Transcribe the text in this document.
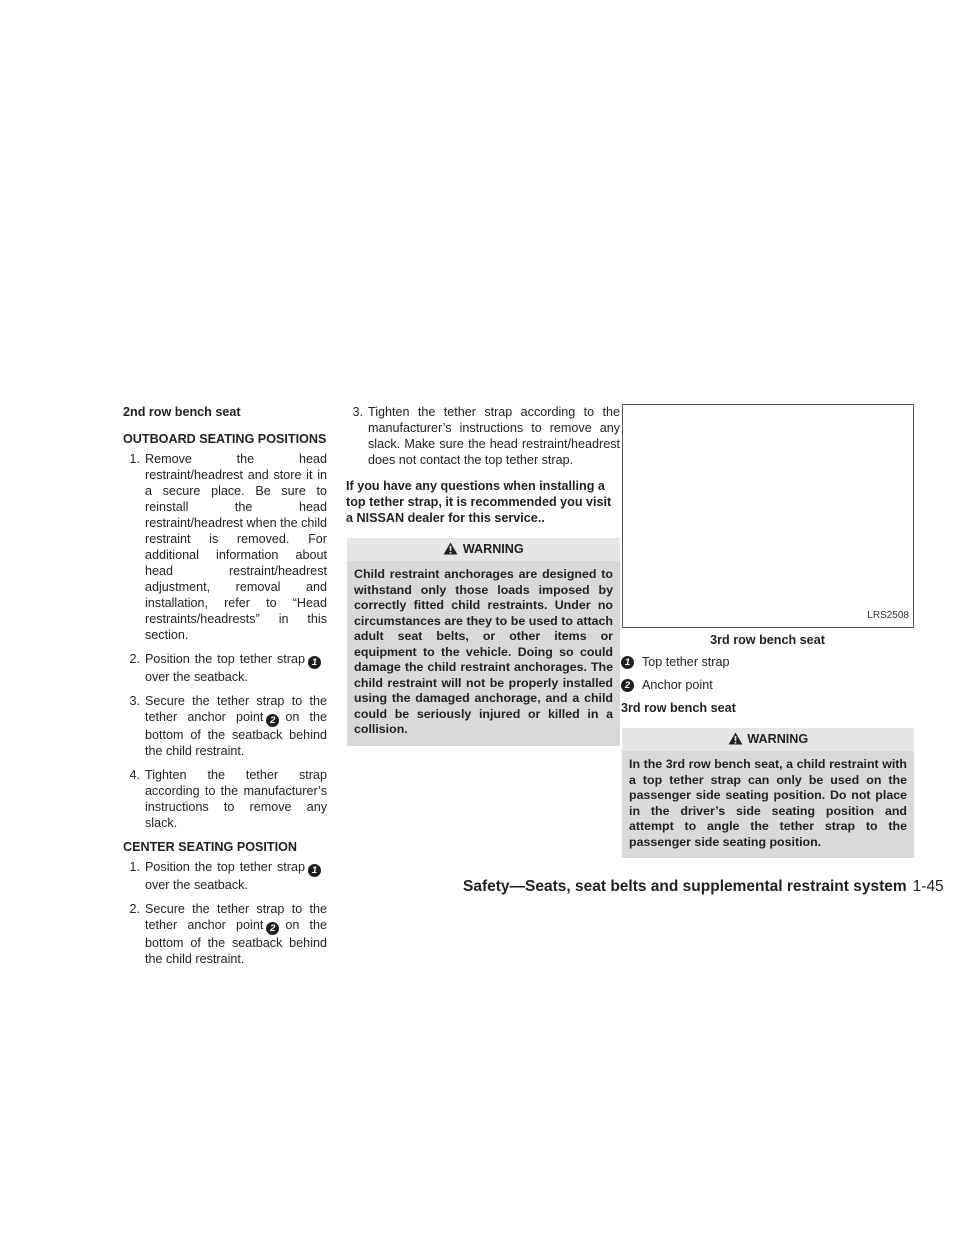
2nd row bench seat
OUTBOARD SEATING POSITIONS
1. Remove the head restraint/headrest and store it in a secure place. Be sure to reinstall the head restraint/headrest when the child restraint is removed. For additional information about head restraint/headrest adjustment, removal and installation, refer to “Head restraints/headrests” in this section.
2. Position the top tether strap 1over the seatback.
3. Secure the tether strap to the tether anchor point 2 on the bottom of the seatback behind the child restraint.
4. Tighten the tether strap according to the manufacturer’s instructions to remove any slack.
CENTER SEATING POSITION
1. Position the top tether strap 1over the seatback.
2. Secure the tether strap to the tether anchor point 2 on the bottom of the seatback behind the child restraint.
3. Tighten the tether strap according to the manufacturer’s instructions to remove any slack. Make sure the head restraint/headrest does not contact the top tether strap.
If you have any questions when installing a top tether strap, it is recommended you visit a NISSAN dealer for this service..
WARNING
Child restraint anchorages are designed to withstand only those loads imposed by correctly fitted child restraints. Under no circumstances are they to be used to attach adult seat belts, or other items or equipment to the vehicle. Doing so could damage the child restraint anchorages. The child restraint will not be properly installed using the damaged anchorage, and a child could be seriously injured or killed in a collision.
LRS2508
3rd row bench seat
1 Top tether strap
2 Anchor point
3rd row bench seat
WARNING
In the 3rd row bench seat, a child restraint with a top tether strap can only be used on the passenger side seating position. Do not place in the driver’s side seating position and attempt to angle the tether strap to the passenger side seating position.
Safety—Seats, seat belts and supplemental restraint system 1-45
